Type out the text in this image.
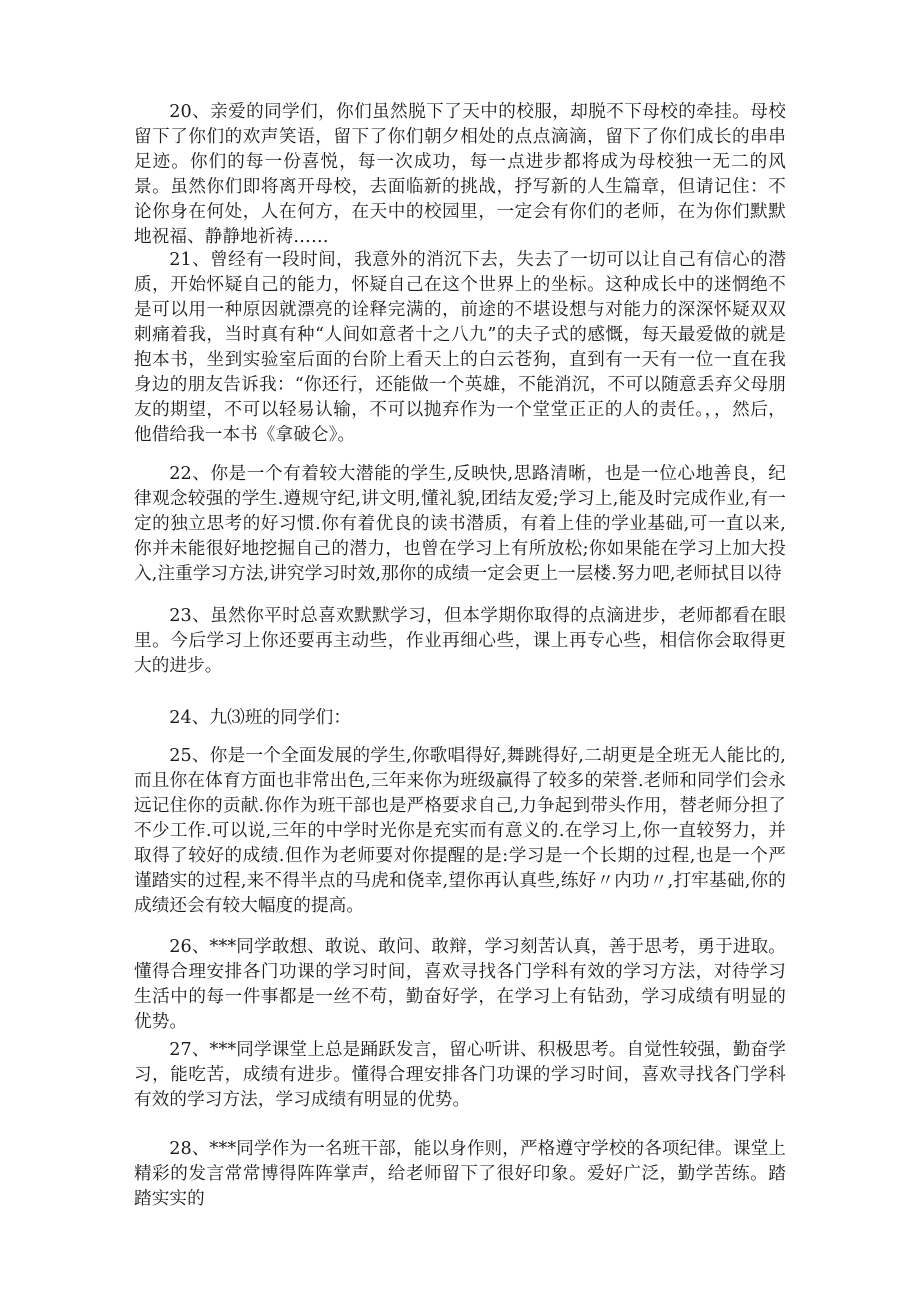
20、亲爱的同学们，你们虽然脱下了天中的校服，却脱不下母校的牵挂。母校留下了你们的欢声笑语，留下了你们朝夕相处的点点滴滴，留下了你们成长的串串足迹。你们的每一份喜悦，每一次成功，每一点进步都将成为母校独一无二的风景。虽然你们即将离开母校，去面临新的挑战，抒写新的人生篇章，但请记住：不论你身在何处，人在何方，在天中的校园里，一定会有你们的老师，在为你们默默地祝福、静静地祈祷……

21、曾经有一段时间，我意外的消沉下去，失去了一切可以让自己有信心的潜质，开始怀疑自己的能力，怀疑自己在这个世界上的坐标。这种成长中的迷惘绝不是可以用一种原因就漂亮的诠释完满的，前途的不堪设想与对能力的深深怀疑双双刺痛着我，当时真有种“人间如意者十之八九”的夫子式的感慨，每天最爱做的就是抱本书，坐到实验室后面的台阶上看天上的白云苍狗，直到有一天有一位一直在我身边的朋友告诉我：“你还行，还能做一个英雄，不能消沉，不可以随意丢弃父母朋友的期望，不可以轻易认输，不可以抛弃作为一个堂堂正正的人的责任。，，然后，他借给我一本书《拿破仑》。

22、你是一个有着较大潜能的学生,反映快,思路清晰，也是一位心地善良，纪律观念较强的学生.遵规守纪,讲文明,懂礼貌,团结友爱;学习上,能及时完成作业,有一定的独立思考的好习惯.你有着优良的读书潜质，有着上佳的学业基础,可一直以来,你并未能很好地挖掘自己的潜力，也曾在学习上有所放松;你如果能在学习上加大投入,注重学习方法,讲究学习时效,那你的成绩一定会更上一层楼.努力吧,老师拭目以待

23、虽然你平时总喜欢默默学习，但本学期你取得的点滴进步，老师都看在眼里。今后学习上你还要再主动些，作业再细心些，课上再专心些，相信你会取得更大的进步。

24、九⑶班的同学们：

25、你是一个全面发展的学生,你歌唱得好,舞跳得好,二胡更是全班无人能比的,而且你在体育方面也非常出色,三年来你为班级赢得了较多的荣誉.老师和同学们会永远记住你的贡献.你作为班干部也是严格要求自己,力争起到带头作用，替老师分担了不少工作.可以说,三年的中学时光你是充实而有意义的.在学习上,你一直较努力，并取得了较好的成绩.但作为老师要对你提醒的是:学习是一个长期的过程,也是一个严谨踏实的过程,来不得半点的马虎和侥幸,望你再认真些,练好〃内功〃,打牢基础,你的成绩还会有较大幅度的提高。

26、***同学敢想、敢说、敢问、敢辩，学习刻苦认真，善于思考，勇于进取。懂得合理安排各门功课的学习时间，喜欢寻找各门学科有效的学习方法，对待学习生活中的每一件事都是一丝不苟，勤奋好学，在学习上有钻劲，学习成绩有明显的优势。

27、***同学课堂上总是踊跃发言，留心听讲、积极思考。自觉性较强，勤奋学习，能吃苦，成绩有进步。懂得合理安排各门功课的学习时间，喜欢寻找各门学科有效的学习方法，学习成绩有明显的优势。

28、***同学作为一名班干部，能以身作则，严格遵守学校的各项纪律。课堂上精彩的发言常常博得阵阵掌声，给老师留下了很好印象。爱好广泛，勤学苦练。踏踏实实的
